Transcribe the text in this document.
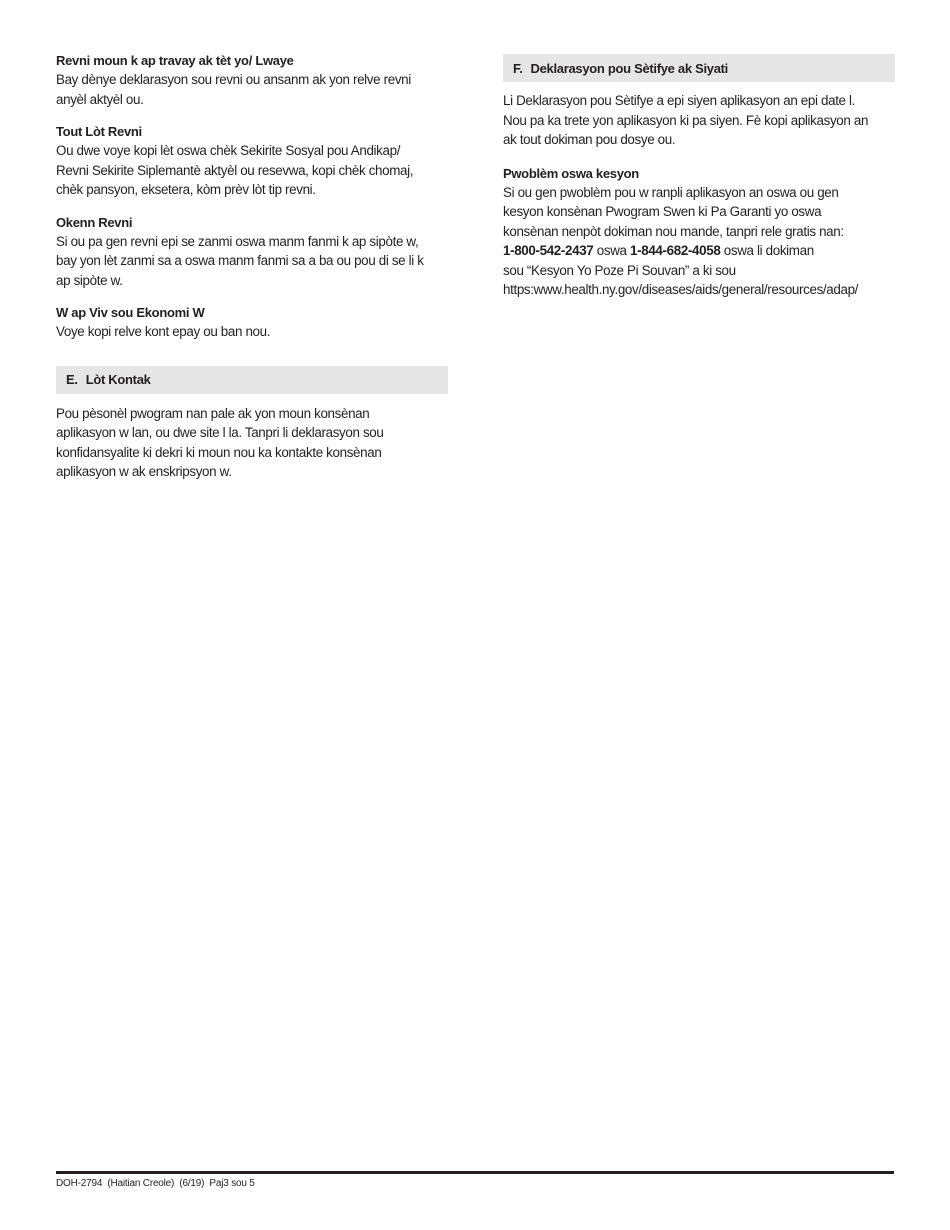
Revni moun k ap travay ak tèt yo/ Lwaye

Bay dènye deklarasyon sou revni ou ansanm ak yon relve revni
anyèl aktyèl ou.

Tout Lòt Revni

Ou dwe voye kopi lèt oswa chèk Sekirite Sosyal pou Andikap/
Revni Sekirite Siplemantè aktyèl ou resevwa, kopi chèk chomaj,
chèk pansyon, eksetera, kòm prèv lòt tip revni.

Okenn Revni

Si ou pa gen revni epi se zanmi oswa manm fanmi k ap sipòte w,
bay yon lèt zanmi sa a oswa manm fanmi sa a ba ou pou di se li k
ap sipòte w.

W ap Viv sou Ekonomi W

Voye kopi relve kont epay ou ban nou.

E. Lòt Kontak

Pou pèsonèl pwogram nan pale ak yon moun konsènan
aplikasyon w lan, ou dwe site l la. Tanpri li deklarasyon sou
konfidansyalite ki dekri ki moun nou ka kontakte konsènan
aplikasyon w ak enskripsyon w.

F. Deklarasyon pou Sètifye ak Siyati

Li Deklarasyon pou Sètifye a epi siyen aplikasyon an epi date l.
Nou pa ka trete yon aplikasyon ki pa siyen. Fè kopi aplikasyon an
ak tout dokiman pou dosye ou.

Pwoblèm oswa kesyon

Si ou gen pwoblèm pou w ranpli aplikasyon an oswa ou gen
kesyon konsènan Pwogram Swen ki Pa Garanti yo oswa
konsènan nenpòt dokiman nou mande, tanpri rele gratis nan:
1-800-542-2437 oswa 1-844-682-4058 oswa li dokiman
sou “Kesyon Yo Poze Pi Souvan” a ki sou
https:www.health.ny.gov/diseases/aids/general/resources/adap/

DOH-2794  (Haitian Creole)  (6/19)  Paj3 sou 5
